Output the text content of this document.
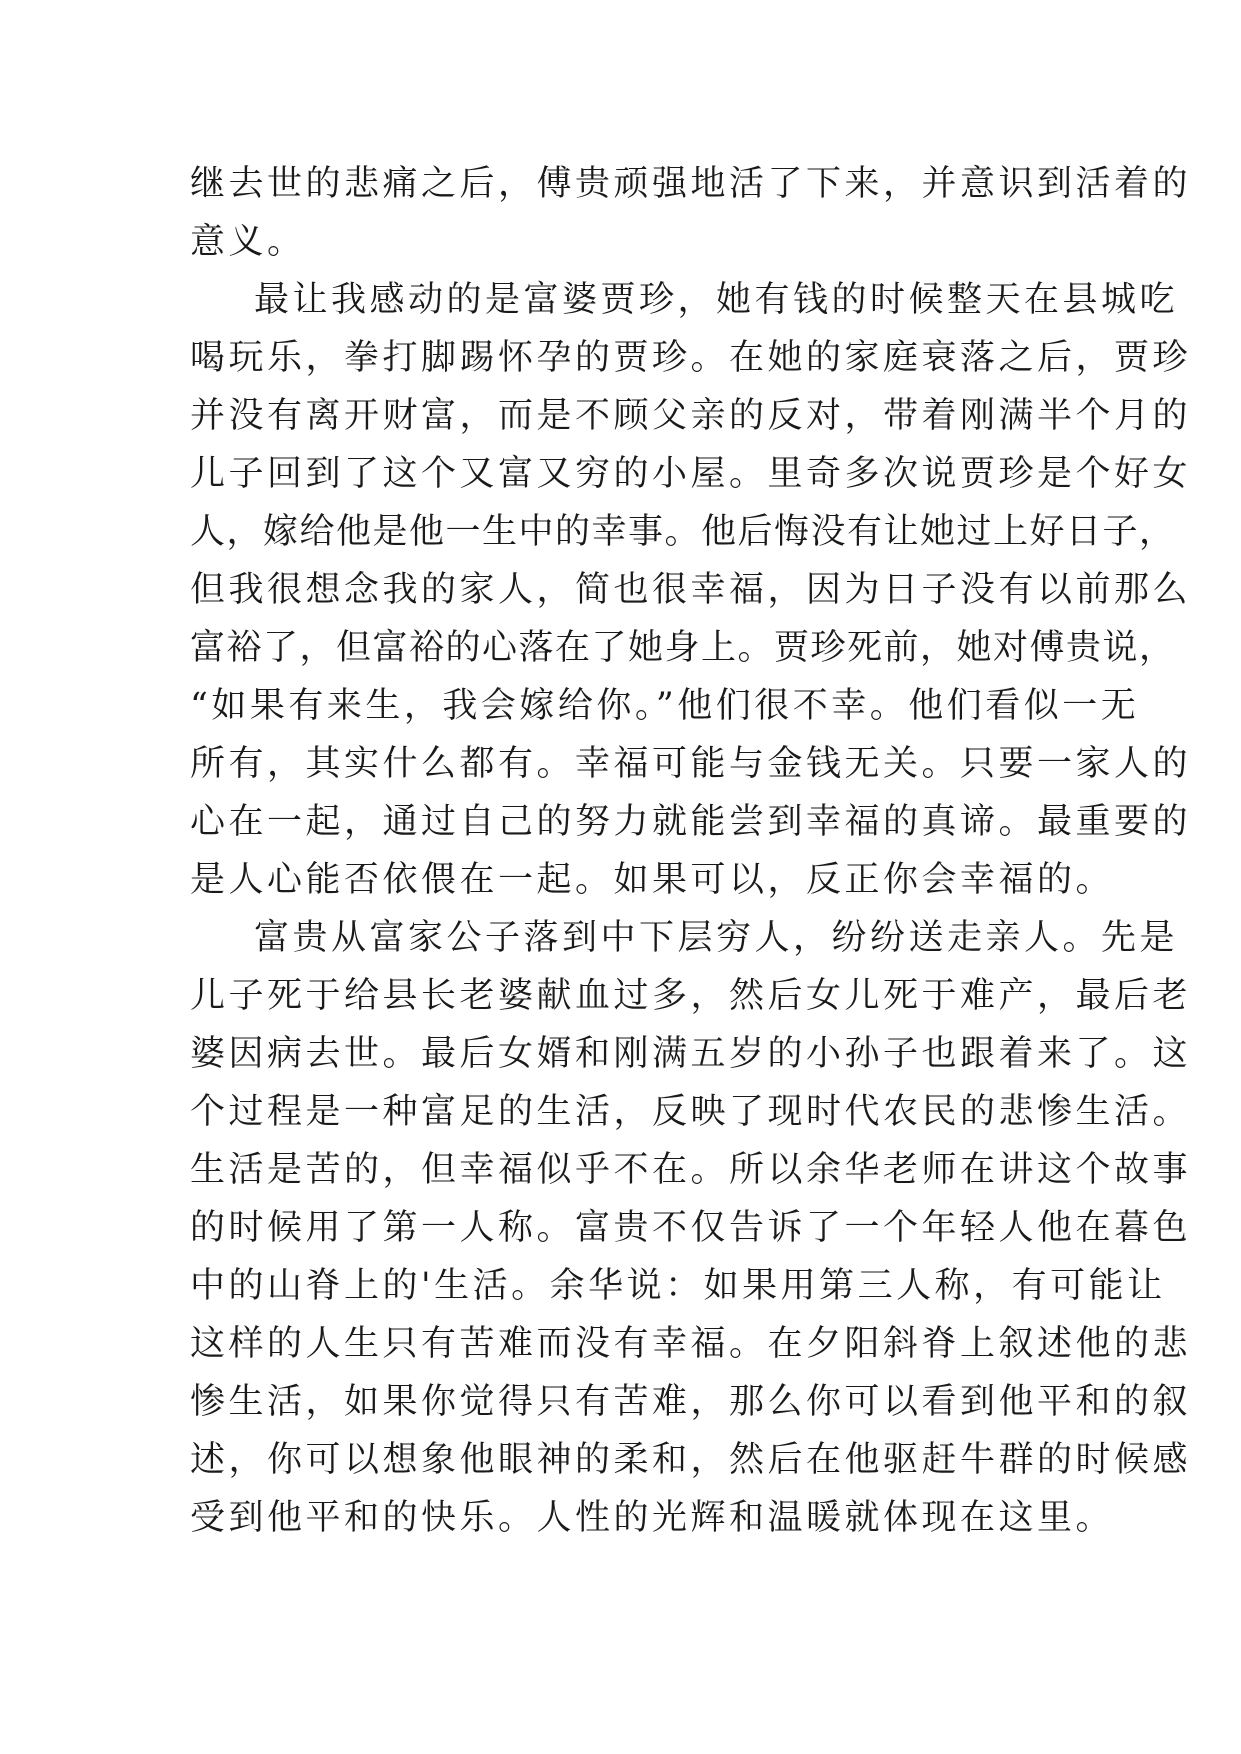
继去世的悲痛之后，傅贵顽强地活了下来，并意识到活着的
意义。
最让我感动的是富婆贾珍，她有钱的时候整天在县城吃
喝玩乐，拳打脚踢怀孕的贾珍。在她的家庭衰落之后，贾珍
并没有离开财富，而是不顾父亲的反对，带着刚满半个月的
儿子回到了这个又富又穷的小屋。里奇多次说贾珍是个好女
人，嫁给他是他一生中的幸事。他后悔没有让她过上好日子，
但我很想念我的家人，简也很幸福，因为日子没有以前那么
富裕了，但富裕的心落在了她身上。贾珍死前，她对傅贵说，
“如果有来生，我会嫁给你。”他们很不幸。他们看似一无
所有，其实什么都有。幸福可能与金钱无关。只要一家人的
心在一起，通过自己的努力就能尝到幸福的真谛。最重要的
是人心能否依偎在一起。如果可以，反正你会幸福的。
富贵从富家公子落到中下层穷人，纷纷送走亲人。先是
儿子死于给县长老婆献血过多，然后女儿死于难产，最后老
婆因病去世。最后女婿和刚满五岁的小孙子也跟着来了。这
个过程是一种富足的生活，反映了现时代农民的悲惨生活。
生活是苦的，但幸福似乎不在。所以余华老师在讲这个故事
的时候用了第一人称。富贵不仅告诉了一个年轻人他在暮色
中的山脊上的'生活。余华说：如果用第三人称，有可能让
这样的人生只有苦难而没有幸福。在夕阳斜脊上叙述他的悲
惨生活，如果你觉得只有苦难，那么你可以看到他平和的叙
述，你可以想象他眼神的柔和，然后在他驱赶牛群的时候感
受到他平和的快乐。人性的光辉和温暖就体现在这里。
